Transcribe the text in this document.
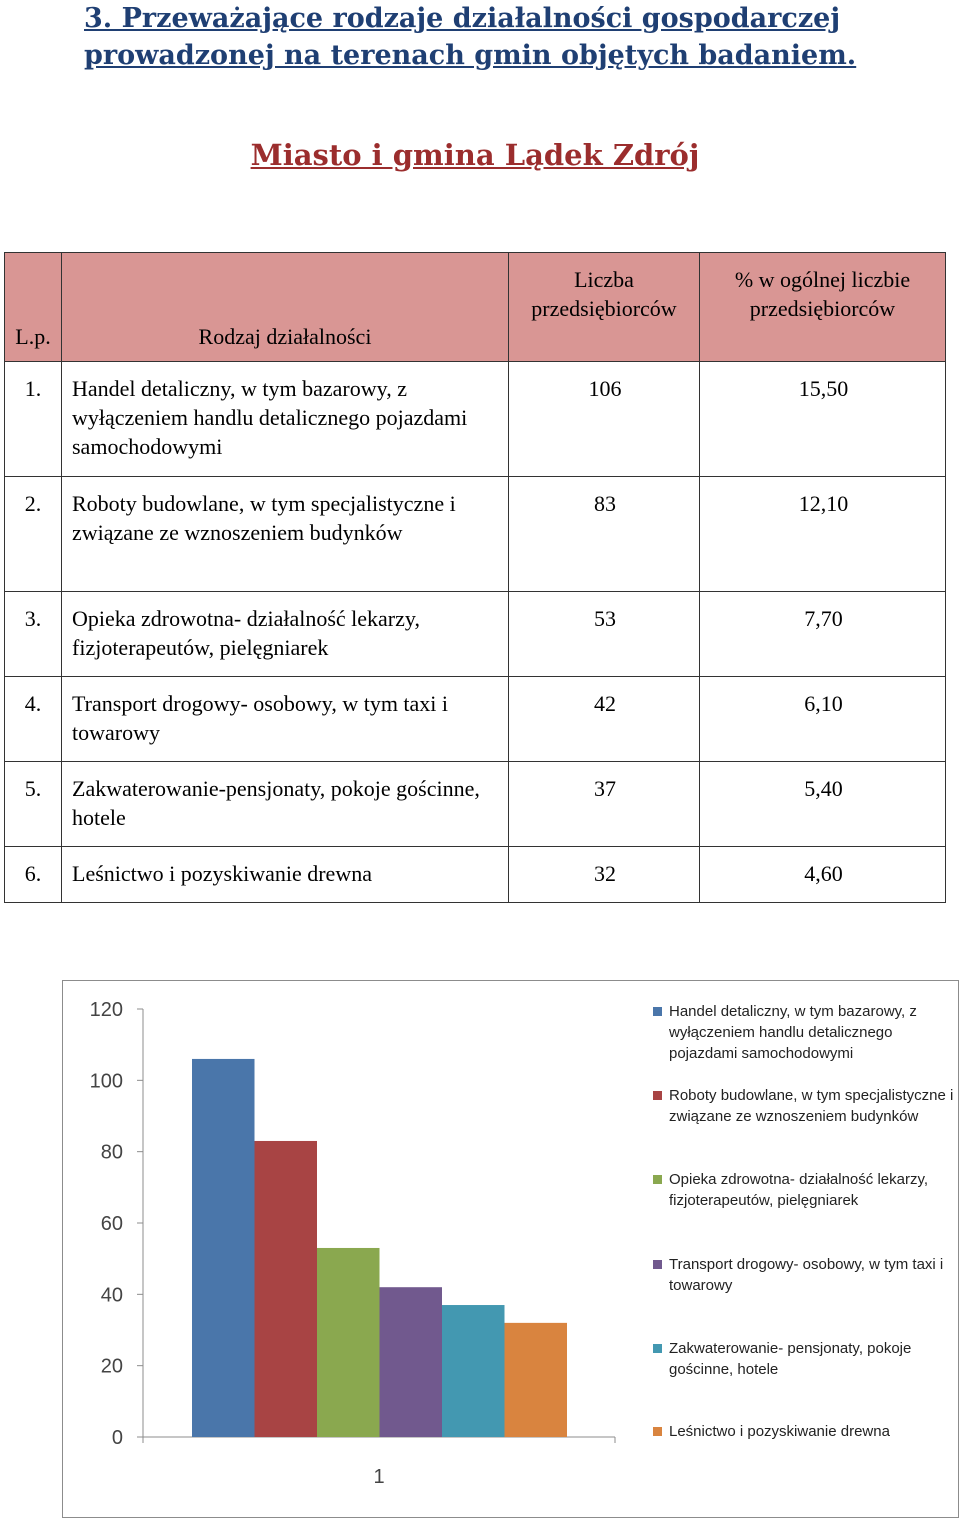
3. Przeważające rodzaje działalności gospodarczej prowadzonej na terenach gmin objętych badaniem.
Miasto i gmina Lądek Zdrój
L.p.	Rodzaj działalności	Liczba przedsiębiorców	% w ogólnej liczbie przedsiębiorców
1.	Handel detaliczny, w tym bazarowy, z wyłączeniem handlu detalicznego pojazdami samochodowymi	106	15,50
2.	Roboty budowlane, w tym specjalistyczne i związane ze wznoszeniem budynków	83	12,10
3.	Opieka zdrowotna- działalność lekarzy, fizjoterapeutów, pielęgniarek	53	7,70
4.	Transport drogowy- osobowy, w tym taxi i towarowy	42	6,10
5.	Zakwaterowanie-pensjonaty, pokoje gościnne, hotele	37	5,40
6.	Leśnictwo i pozyskiwanie drewna	32	4,60
0
20
40
60
80
100
120
1
Handel detaliczny, w tym bazarowy, z wyłączeniem handlu detalicznego pojazdami samochodowymi
Roboty budowlane, w tym specjalistyczne i związane ze wznoszeniem budynków
Opieka zdrowotna- działalność lekarzy, fizjoterapeutów, pielęgniarek
Transport drogowy- osobowy, w tym taxi i towarowy
Zakwaterowanie- pensjonaty, pokoje gościnne, hotele
Leśnictwo i pozyskiwanie drewna
